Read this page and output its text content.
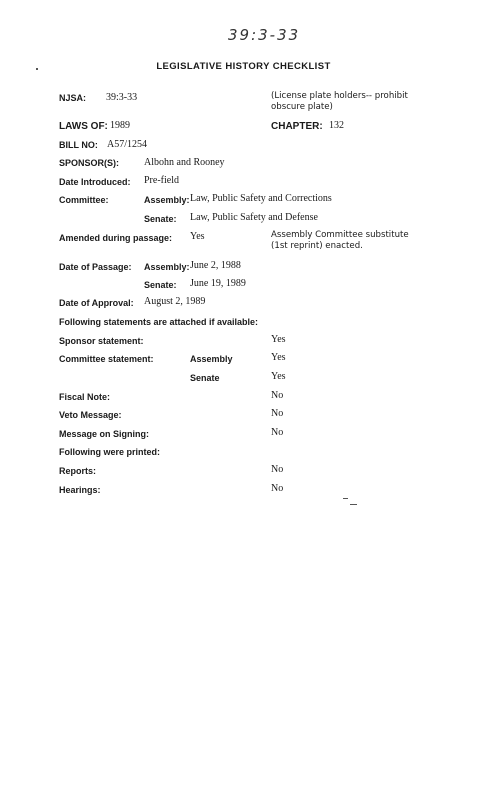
39:3-33
LEGISLATIVE HISTORY CHECKLIST
NJSA: 39:3-33	(License plate holders-- prohibit
obscure plate)
LAWS OF: 1989	CHAPTER: 132
BILL NO: A57/1254
SPONSOR(S): Albohn and Rooney
Date Introduced: Pre-field
Committee:	Assembly: Law, Public Safety and Corrections
Senate: Law, Public Safety and Defense
Amended during passage: Yes	Assembly Committee substitute
(1st reprint) enacted.
Date of Passage: Assembly: June 2, 1988
Senate: June 19, 1989
Date of Approval: August 2, 1989
Following statements are attached if available:
Sponsor statement:	Yes
Committee statement:	Assembly	Yes
Senate	Yes
Fiscal Note:	No
Veto Message:	No
Message on Signing:	No
Following were printed:
Reports:	No
Hearings:	No
